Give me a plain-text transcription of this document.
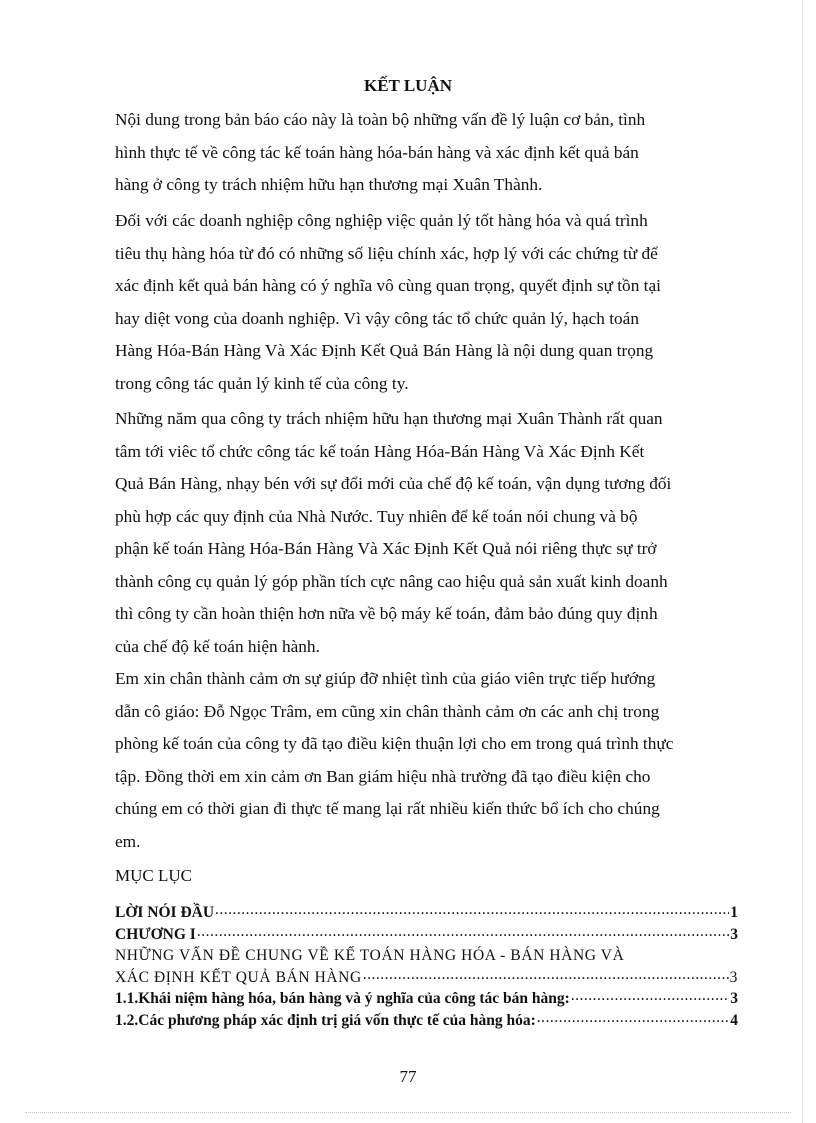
KẾT LUẬN
Nội dung trong bản báo cáo này là toàn bộ những vấn đề lý luận cơ bản, tình
hình thực tế về công tác kế toán hàng hóa-bán hàng và xác định kết quả bán
hàng ở công ty trách nhiệm hữu hạn thương mại Xuân Thành.
Đối với các doanh nghiệp công nghiệp việc quản lý tốt hàng hóa và quá trình
tiêu thụ hàng hóa từ đó có những số liệu chính xác, hợp lý với các chứng từ để
xác định kết quả bán hàng có ý nghĩa vô cùng quan trọng, quyết định sự tồn tại
hay diệt vong của doanh nghiệp. Vì vậy công tác tổ chức quản lý, hạch toán
Hàng Hóa-Bán Hàng Và Xác Định Kết Quả Bán Hàng là nội dung quan trọng
trong công tác quản lý kinh tế của công ty.
Những năm qua công ty trách nhiệm hữu hạn thương mại Xuân Thành rất quan
tâm tới viêc tổ chức công tác kế toán Hàng Hóa-Bán Hàng Và Xác Định Kết
Quả Bán Hàng, nhạy bén với sự đổi mới của chế độ kế toán, vận dụng tương đối
phù hợp các quy định của Nhà Nước. Tuy nhiên để kế toán nói chung và bộ
phận kế toán Hàng Hóa-Bán Hàng Và Xác Định Kết Quả nói riêng thực sự trở
thành công cụ quản lý góp phần tích cực nâng cao hiệu quả sản xuất kinh doanh
thì công ty cần hoàn thiện hơn nữa về bộ máy kế toán, đảm bảo đúng quy định
của chế độ kế toán hiện hành.
Em xin chân thành cảm ơn sự giúp đỡ nhiệt tình của giáo viên trực tiếp hướng
dẫn cô giáo: Đỗ Ngọc Trâm, em cũng xin chân thành cảm ơn các anh chị trong
phòng kế toán của công ty đã tạo điều kiện thuận lợi cho em trong quá trình thực
tập. Đồng thời em xin cảm ơn Ban giám hiệu nhà trường đã tạo điều kiện cho
chúng em có thời gian đi thực tế mang lại rất nhiều kiến thức bổ ích cho chúng
em.
MỤC LỤC
LỜI NÓI ĐẦU .....	1
CHƯƠNG I .....	3
NHỮNG VẤN ĐỀ CHUNG VỀ KẾ TOÁN HÀNG HÓA - BÁN HÀNG VÀ
XÁC ĐỊNH KẾT QUẢ BÁN HÀNG .....	3
1.1.Khái niệm hàng hóa, bán hàng và ý nghĩa của công tác bán hàng: .....	3
1.2.Các phương pháp xác định trị giá vốn thực tế của hàng hóa: .....	4
77
